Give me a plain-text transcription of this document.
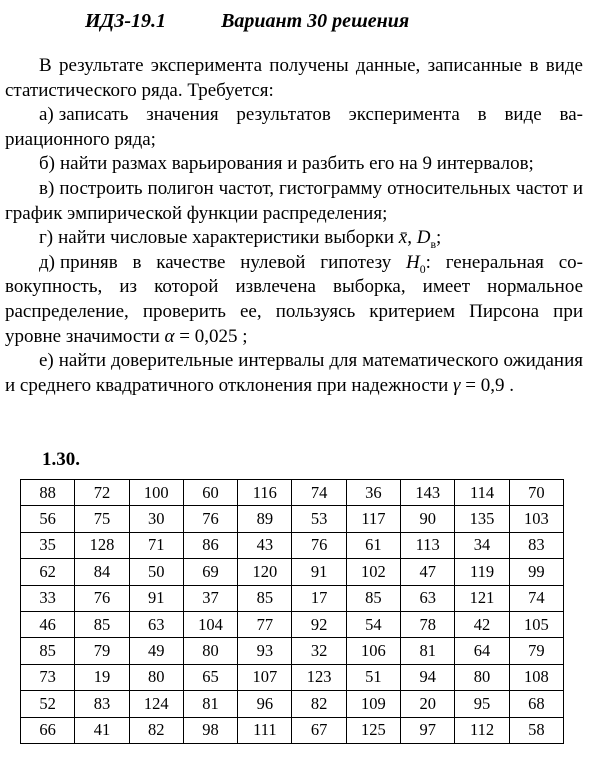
ИДЗ-19.1	Вариант 30 решения

В результате эксперимента получены данные, записанные в виде статистического ряда. Требуется:

а) записать значения результатов эксперимента в виде вариационного ряда;

б) найти размах варьирования и разбить его на 9 интервалов;

в) построить полигон частот, гистограмму относительных частот и график эмпирической функции распределения;

г) найти числовые характеристики выборки x̄, $D_в$;

д) приняв в качестве нулевой гипотезу $H_0$: генеральная совокупность, из которой извлечена выборка, имеет нормальное распределение, проверить ее, пользуясь критерием Пирсона при уровне значимости α = 0,025 ;

е) найти доверительные интервалы для математического ожидания и среднего квадратичного отклонения при надежности γ = 0,9 .

1.30.
88	72	100	60	116	74	36	143	114	70
56	75	30	76	89	53	117	90	135	103
35	128	71	86	43	76	61	113	34	83
62	84	50	69	120	91	102	47	119	99
33	76	91	37	85	17	85	63	121	74
46	85	63	104	77	92	54	78	42	105
85	79	49	80	93	32	106	81	64	79
73	19	80	65	107	123	51	94	80	108
52	83	124	81	96	82	109	20	95	68
66	41	82	98	111	67	125	97	112	58
